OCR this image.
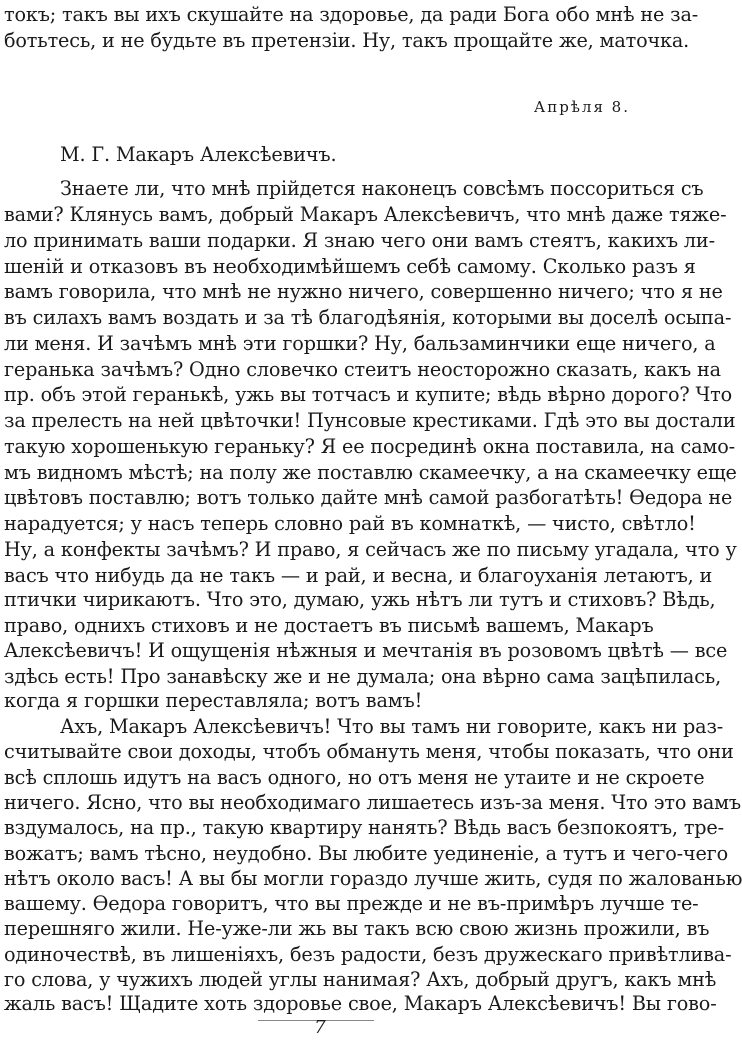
токъ; такъ вы ихъ скушайте на здоровье, да ради Бога обо мнѣ не за-
ботьтесь, и не будьте въ претензіи. Ну, такъ прощайте же, маточка.
М. Г. Макаръ Алексѣевичъ.
Знаете ли, что мнѣ прійдется наконецъ совсѣмъ поссориться съ
вами? Клянусь вамъ, добрый Макаръ Алексѣевичъ, что мнѣ даже тяже-
ло принимать ваши подарки. Я знаю чего они вамъ стеятъ, какихъ ли-
шеній и отказовъ въ необходимѣйшемъ себѣ самому. Сколько разъ я
вамъ говорила, что мнѣ не нужно ничего, совершенно ничего; что я не
въ силахъ вамъ воздать и за тѣ благодѣянія, которыми вы доселѣ осыпа-
ли меня. И зачѣмъ мнѣ эти горшки? Ну, бальзаминчики еще ничего, а
геранька зачѣмъ? Одно словечко стеитъ неосторожно сказать, какъ на
пр. объ этой геранькѣ, ужь вы тотчасъ и купите; вѣдь вѣрно дорого? Что
за прелесть на ней цвѣточки! Пунсовые крестиками. Гдѣ это вы достали
такую хорошенькую гераньку? Я ее посрединѣ окна поставила, на само-
мъ видномъ мѣстѣ; на полу же поставлю скамеечку, а на скамеечку еще
цвѣтовъ поставлю; вотъ только дайте мнѣ самой разбогатѣть! Ѳедора не
нарадуется; у насъ теперь словно рай въ комнаткѣ, — чисто, свѣтло!
Ну, а конфекты зачѣмъ? И право, я сейчасъ же по письму угадала, что у
васъ что нибудь да не такъ — и рай, и весна, и благоуханія летаютъ, и
птички чирикаютъ. Что это, думаю, ужь нѣтъ ли тутъ и стиховъ? Вѣдь,
право, однихъ стиховъ и не достаетъ въ письмѣ вашемъ, Макаръ
Алексѣевичъ! И ощущенія нѣжныя и мечтанія въ розовомъ цвѣтѣ — все
здѣсь есть! Про занавѣску же и не думала; она вѣрно сама зацѣпилась,
когда я горшки переставляла; вотъ вамъ!
Ахъ, Макаръ Алексѣевичъ! Что вы тамъ ни говорите, какъ ни раз-
считывайте свои доходы, чтобъ обмануть меня, чтобы показать, что они
всѣ сплошь идутъ на васъ одного, но отъ меня не утаите и не скроете
ничего. Ясно, что вы необходимаго лишаетесь изъ-за меня. Что это вамъ
вздумалось, на пр., такую квартиру нанять? Вѣдь васъ безпокоятъ, тре-
вожатъ; вамъ тѣсно, неудобно. Вы любите уединеніе, а тутъ и чего-чего
нѣтъ около васъ! А вы бы могли гораздо лучше жить, судя по жалованью
вашему. Ѳедора говоритъ, что вы прежде и не въ-примѣръ лучше те-
перешняго жили. Не-уже-ли жь вы такъ всю свою жизнь прожили, въ
одиночествѣ, въ лишеніяхъ, безъ радости, безъ дружескаго привѣтлива-
го слова, у чужихъ людей углы нанимая? Ахъ, добрый другъ, какъ мнѣ
жаль васъ! Щадите хоть здоровье свое, Макаръ Алексѣевичъ! Вы гово-
Апрѣля 8.
7
